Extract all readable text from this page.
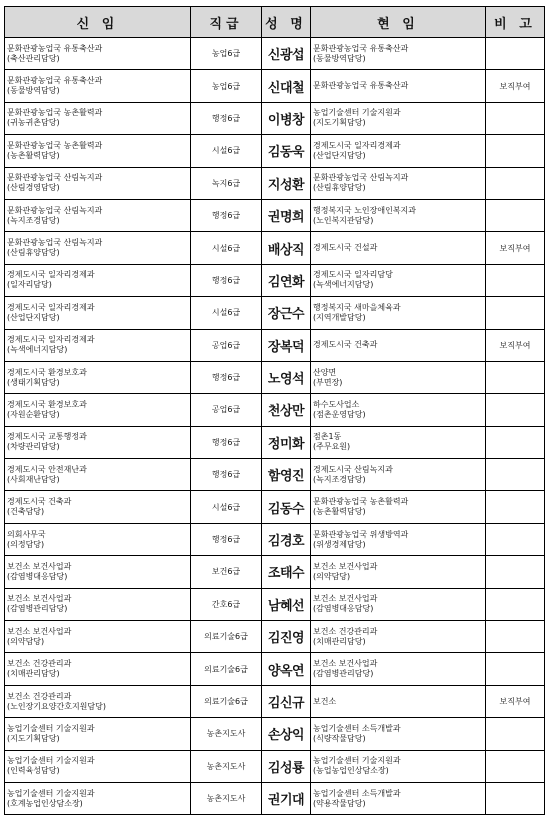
신 임	직급	성 명	현 임	비 고

문화관광농업국 유통축산과
(축산관리담당)	농업6급	신광섭	문화관광농업국 유통축산과
(동물방역담당)	

문화관광농업국 유통축산과
(동물방역담당)	농업6급	신대철	문화관광농업국 유통축산과	보직부여

문화관광농업국 농촌활력과
(귀농귀촌담당)	행정6급	이병창	농업기술센터 기술지원과
(지도기획담당)	

문화관광농업국 농촌활력과
(농촌활력담당)	시설6급	김동욱	경제도시국 일자리경제과
(산업단지담당)	

문화관광농업국 산림녹지과
(산림경영담당)	녹지6급	지성환	문화관광농업국 산림녹지과
(산림휴양담당)	

문화관광농업국 산림녹지과
(녹지조경담당)	행정6급	권명희	행정복지국 노인장애인복지과
(노인복지관담당)	

문화관광농업국 산림녹지과
(산림휴양담당)	시설6급	배상직	경제도시국 건설과	보직부여

경제도시국 일자리경제과
(일자리담당)	행정6급	김연화	경제도시국 일자리담당
(녹색에너지담당)	

경제도시국 일자리경제과
(산업단지담당)	시설6급	장근수	행정복지국 새마을체육과
(지역개발담당)	

경제도시국 일자리경제과
(녹색에너지담당)	공업6급	장복덕	경제도시국 건축과	보직부여

경제도시국 환경보호과
(생태기획담당)	행정6급	노영석	산양면
(부면장)	

경제도시국 환경보호과
(자원순환담당)	공업6급	천상만	하수도사업소
(점촌운영담당)	

경제도시국 교통행정과
(차량관리담당)	행정6급	정미화	점촌1동
(주무요원)	

경제도시국 안전재난과
(사회재난담당)	행정6급	함영진	경제도시국 산림녹지과
(녹지조경담당)	

경제도시국 건축과
(건축담당)	시설6급	김동수	문화관광농업국 농촌활력과
(농촌활력담당)	

의회사무국
(의정담당)	행정6급	김경호	문화관광농업국 위생방역과
(위생경제담당)	

보건소 보건사업과
(감염병대응담당)	보건6급	조태수	보건소 보건사업과
(의약담당)	

보건소 보건사업과
(감염병관리담당)	간호6급	남혜선	보건소 보건사업과
(감염병대응담당)	

보건소 보건사업과
(의약담당)	의료기술6급	김진영	보건소 건강관리과
(치매관리담당)	

보건소 건강관리과
(치매관리담당)	의료기술6급	양옥연	보건소 보건사업과
(감염병관리담당)	

보건소 건강관리과
(노인장기요양간호지원담당)	의료기술6급	김신규	보건소	보직부여

농업기술센터 기술지원과
(지도기획담당)	농촌지도사	손상익	농업기술센터 소득개발과
(식량작물담당)	

농업기술센터 기술지원과
(인력육성담당)	농촌지도사	김성룡	농업기술센터 기술지원과
(농업농업인상담소장)	

농업기술센터 기술지원과
(호계농업인상담소장)	농촌지도사	권기대	농업기술센터 소득개발과
(약용작물담당)	
